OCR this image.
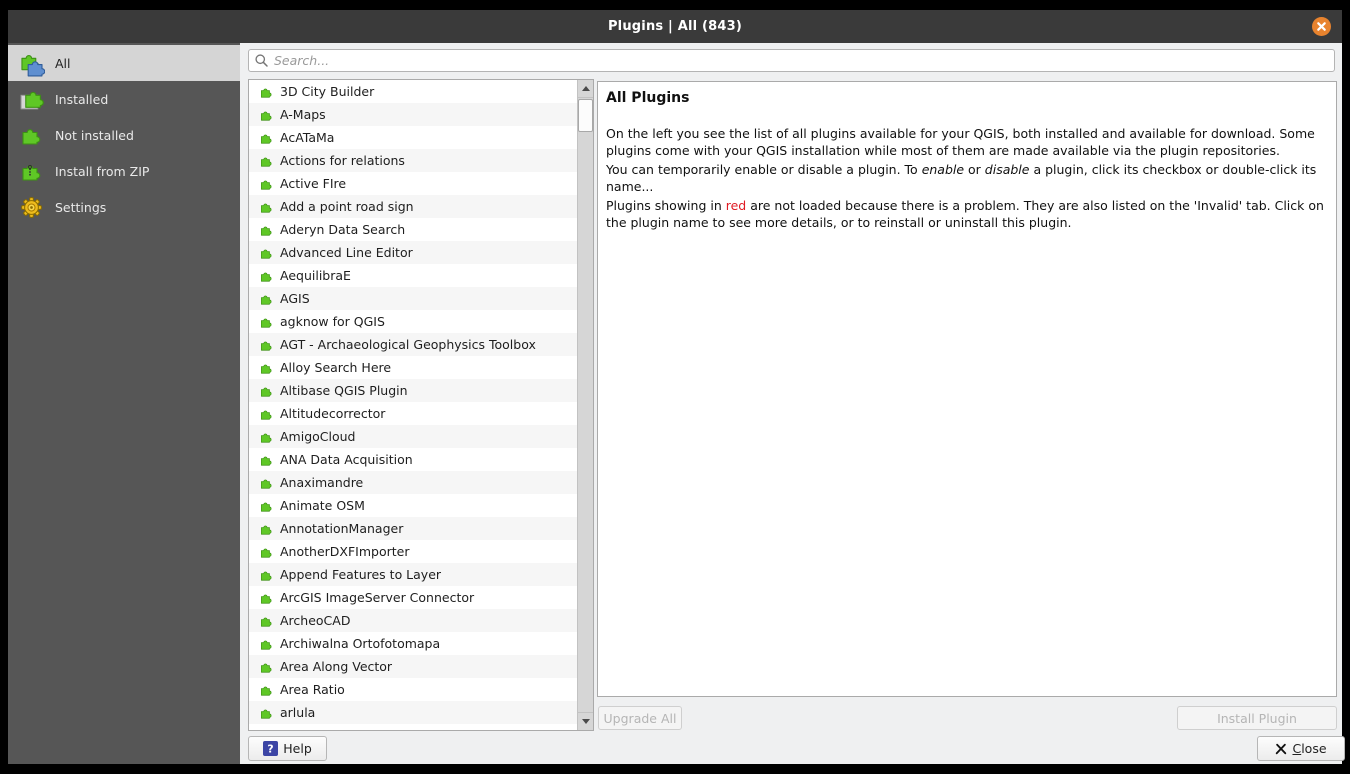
Plugins | All (843)
All
Installed
Not installed
Install from ZIP
Settings
Search...
3D City Builder
A-Maps
AcATaMa
Actions for relations
Active FIre
Add a point road sign
Aderyn Data Search
Advanced Line Editor
AequilibraE
AGIS
agknow for QGIS
AGT - Archaeological Geophysics Toolbox
Alloy Search Here
Altibase QGIS Plugin
Altitudecorrector
AmigoCloud
ANA Data Acquisition
Anaximandre
Animate OSM
AnnotationManager
AnotherDXFImporter
Append Features to Layer
ArcGIS ImageServer Connector
ArcheoCAD
Archiwalna Ortofotomapa
Area Along Vector
Area Ratio
arlula
All Plugins

On the left you see the list of all plugins available for your QGIS, both installed and available for download. Some plugins come with your QGIS installation while most of them are made available via the plugin repositories.

You can temporarily enable or disable a plugin. To enable or disable a plugin, click its checkbox or double-click its name...

Plugins showing in red are not loaded because there is a problem. They are also listed on the 'Invalid' tab. Click on the plugin name to see more details, or to reinstall or uninstall this plugin.

Upgrade All	Install Plugin
? Help	Close
